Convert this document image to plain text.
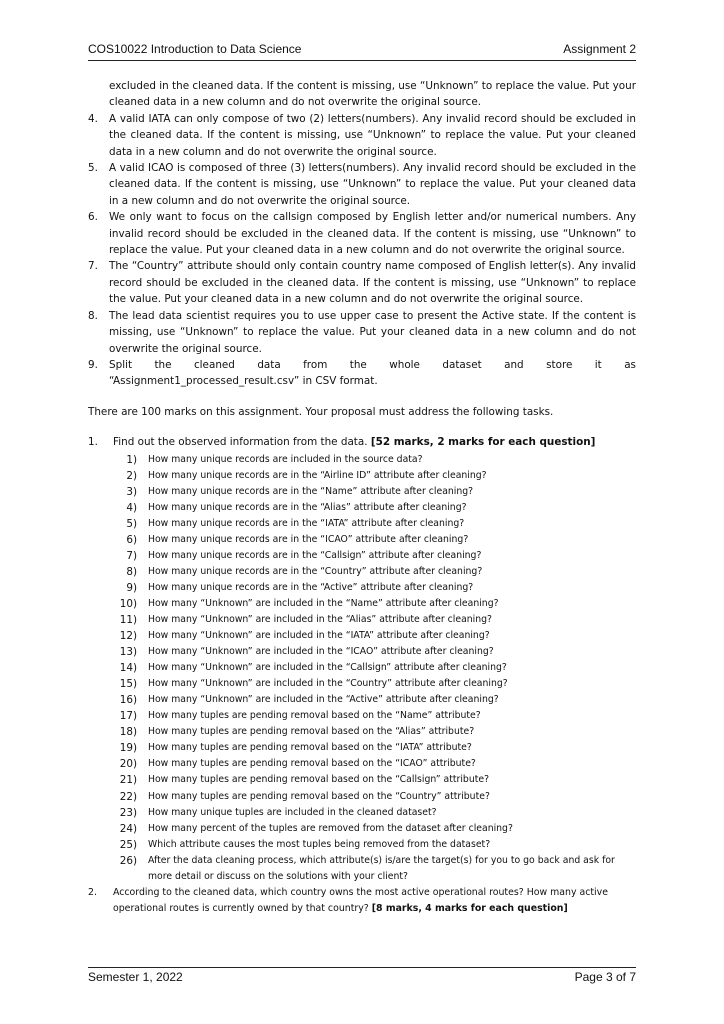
COS10022 Introduction to Data Science	Assignment 2
excluded in the cleaned data. If the content is missing, use “Unknown” to replace the value. Put your cleaned data in a new column and do not overwrite the original source.
4. A valid IATA can only compose of two (2) letters(numbers). Any invalid record should be excluded in the cleaned data. If the content is missing, use “Unknown” to replace the value. Put your cleaned data in a new column and do not overwrite the original source.
5. A valid ICAO is composed of three (3) letters(numbers). Any invalid record should be excluded in the cleaned data. If the content is missing, use “Unknown” to replace the value. Put your cleaned data in a new column and do not overwrite the original source.
6. We only want to focus on the callsign composed by English letter and/or numerical numbers. Any invalid record should be excluded in the cleaned data. If the content is missing, use “Unknown” to replace the value. Put your cleaned data in a new column and do not overwrite the original source.
7. The “Country” attribute should only contain country name composed of English letter(s). Any invalid record should be excluded in the cleaned data. If the content is missing, use “Unknown” to replace the value. Put your cleaned data in a new column and do not overwrite the original source.
8. The lead data scientist requires you to use upper case to present the Active state. If the content is missing, use “Unknown” to replace the value. Put your cleaned data in a new column and do not overwrite the original source.
9. Split the cleaned data from the whole dataset and store it as
“Assignment1_processed_result.csv” in CSV format.
There are 100 marks on this assignment. Your proposal must address the following tasks.
1. Find out the observed information from the data. [52 marks, 2 marks for each question]
1) How many unique records are included in the source data?
2) How many unique records are in the “Airline ID” attribute after cleaning?
3) How many unique records are in the “Name” attribute after cleaning?
4) How many unique records are in the “Alias” attribute after cleaning?
5) How many unique records are in the “IATA” attribute after cleaning?
6) How many unique records are in the “ICAO” attribute after cleaning?
7) How many unique records are in the “Callsign” attribute after cleaning?
8) How many unique records are in the “Country” attribute after cleaning?
9) How many unique records are in the “Active” attribute after cleaning?
10) How many “Unknown” are included in the “Name” attribute after cleaning?
11) How many “Unknown” are included in the “Alias” attribute after cleaning?
12) How many “Unknown” are included in the “IATA” attribute after cleaning?
13) How many “Unknown” are included in the “ICAO” attribute after cleaning?
14) How many “Unknown” are included in the “Callsign” attribute after cleaning?
15) How many “Unknown” are included in the “Country” attribute after cleaning?
16) How many “Unknown” are included in the “Active” attribute after cleaning?
17) How many tuples are pending removal based on the “Name” attribute?
18) How many tuples are pending removal based on the “Alias” attribute?
19) How many tuples are pending removal based on the “IATA” attribute?
20) How many tuples are pending removal based on the “ICAO” attribute?
21) How many tuples are pending removal based on the “Callsign” attribute?
22) How many tuples are pending removal based on the “Country” attribute?
23) How many unique tuples are included in the cleaned dataset?
24) How many percent of the tuples are removed from the dataset after cleaning?
25) Which attribute causes the most tuples being removed from the dataset?
26) After the data cleaning process, which attribute(s) is/are the target(s) for you to go back and ask for more detail or discuss on the solutions with your client?
2. According to the cleaned data, which country owns the most active operational routes? How many active operational routes is currently owned by that country? [8 marks, 4 marks for each question]
Semester 1, 2022	Page 3 of 7
